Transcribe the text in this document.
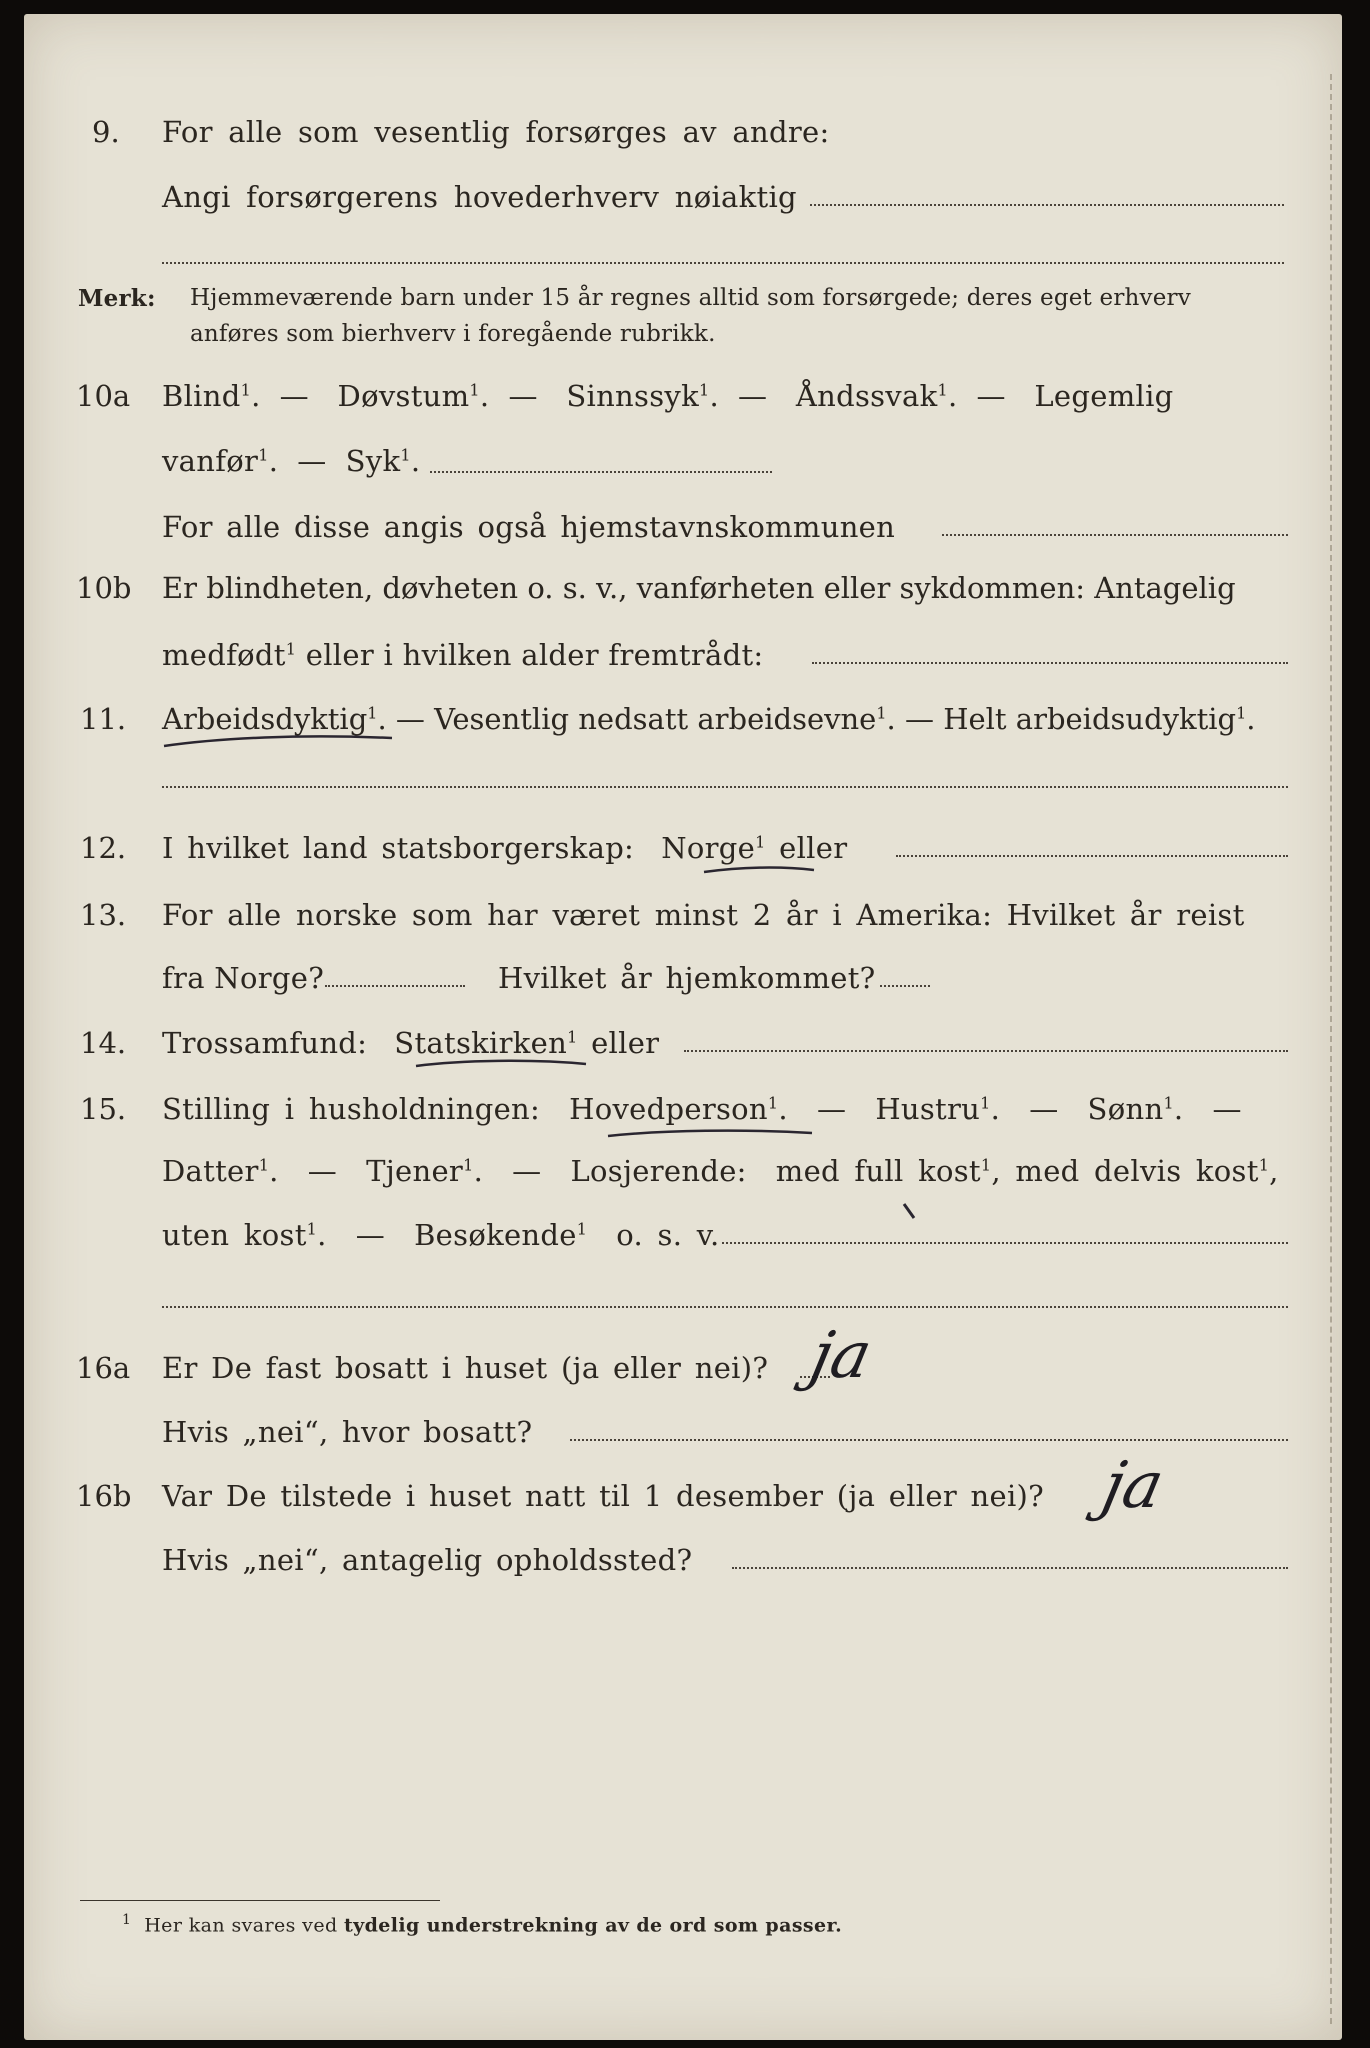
9. For alle som vesentlig forsørges av andre:
Angi forsørgerens hovederhverv nøiaktig
Merk: Hjemmeværende barn under 15 år regnes alltid som forsørgede; deres eget erhverv
anføres som bierhverv i foregående rubrikk.
10a Blind$^1$.  —   Døvstum$^1$.  —   Sinnssyk$^1$.  —   Åndssvak$^1$.  —   Legemlig
vanfør$^1$.  —  Syk$^1$.
For alle disse angis også hjemstavnskommunen
10b Er blindheten, døvheten o. s. v., vanførheten eller sykdommen: Antagelig
medfødt$^1$ eller i hvilken alder fremtrådt:
11. Arbeidsdyktig$^1$. — Vesentlig nedsatt arbeidsevne$^1$. — Helt arbeidsudyktig$^1$.
12. I hvilket land statsborgerskap: Norge$^1$ eller
13. For alle norske som har været minst 2 år i Amerika: Hvilket år reist
fra Norge?	Hvilket år hjemkommet?
14. Trossamfund: Statskirken$^1$ eller
15. Stilling i husholdningen: Hovedperson$^1$.  —  Hustru$^1$.  —  Sønn$^1$.  —
Datter$^1$.  —  Tjener$^1$.  —  Losjerende: med full kost$^1$, med delvis kost$^1$,
uten kost$^1$.  —  Besøkende$^1$ o. s. v.
16a Er De fast bosatt i huset (ja eller nei)? ja
Hvis „nei“, hvor bosatt?
16b Var De tilstede i huset natt til 1 desember (ja eller nei)? ja
Hvis „nei“, antagelig opholdssted?
$^1$ Her kan svares ved tydelig understrekning av de ord som passer.
